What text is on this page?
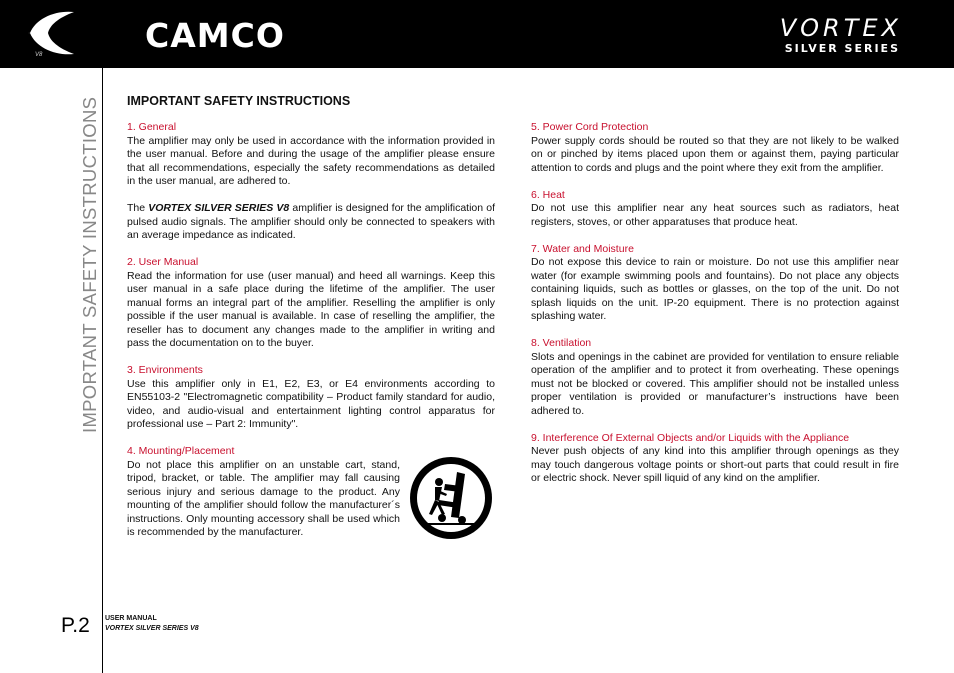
V8	CAMCO	VORTEX
SILVER SERIES
IMPORTANT SAFETY INSTRUCTIONS
P.2 USER MANUAL
VORTEX SILVER SERIES V8
IMPORTANT SAFETY INSTRUCTIONS
1. General
The amplifier may only be used in accordance with the information provided in the user manual. Before and during the usage of the amplifier please ensure that all recommendations, especially the safety recommendations as detailed in the user manual, are adhered to.
The VORTEX SILVER SERIES V8 amplifier is designed for the amplification of pulsed audio signals. The amplifier should only be connected to speakers with an average impedance as indicated.
2. User Manual
Read the information for use (user manual) and heed all warnings. Keep this user manual in a safe place during the lifetime of the amplifier. The user manual forms an integral part of the amplifier. Reselling the amplifier is only possible if the user manual is available. In case of reselling the amplifier, the reseller has to document any changes made to the amplifier in writing and pass the documentation on to the buyer.
3. Environments
Use this amplifier only in E1, E2, E3, or E4 environments according to EN55103-2 "Electromagnetic compatibility – Product family standard for audio, video, and audio-visual and entertainment lighting control apparatus for professional use – Part 2: Immunity".
4. Mounting/Placement
Do not place this amplifier on an unstable cart, stand, tripod, bracket, or table. The amplifier may fall causing serious injury and serious damage to the product. Any mounting of the amplifier should follow the manufacturer´s instructions. Only mounting accessory shall be used which is recommended by the manufacturer.
5. Power Cord Protection
Power supply cords should be routed so that they are not likely to be walked on or pinched by items placed upon them or against them, paying particular attention to cords and plugs and the point where they exit from the amplifier.
6. Heat
Do not use this amplifier near any heat sources such as radiators, heat registers, stoves, or other apparatuses that produce heat.
7. Water and Moisture
Do not expose this device to rain or moisture. Do not use this amplifier near water (for example swimming pools and fountains). Do not place any objects containing liquids, such as bottles or glasses, on the top of the unit. Do not splash liquids on the unit. IP-20 equipment. There is no protection against splashing water.
8. Ventilation
Slots and openings in the cabinet are provided for ventilation to ensure reliable operation of the amplifier and to protect it from overheating. These openings must not be blocked or covered. This amplifier should not be installed unless proper ventilation is provided or manufacturer’s instructions have been adhered to.
9. Interference Of External Objects and/or Liquids with the Appliance
Never push objects of any kind into this amplifier through openings as they may touch dangerous voltage points or short-out parts that could result in fire or electric shock. Never spill liquid of any kind on the amplifier.
